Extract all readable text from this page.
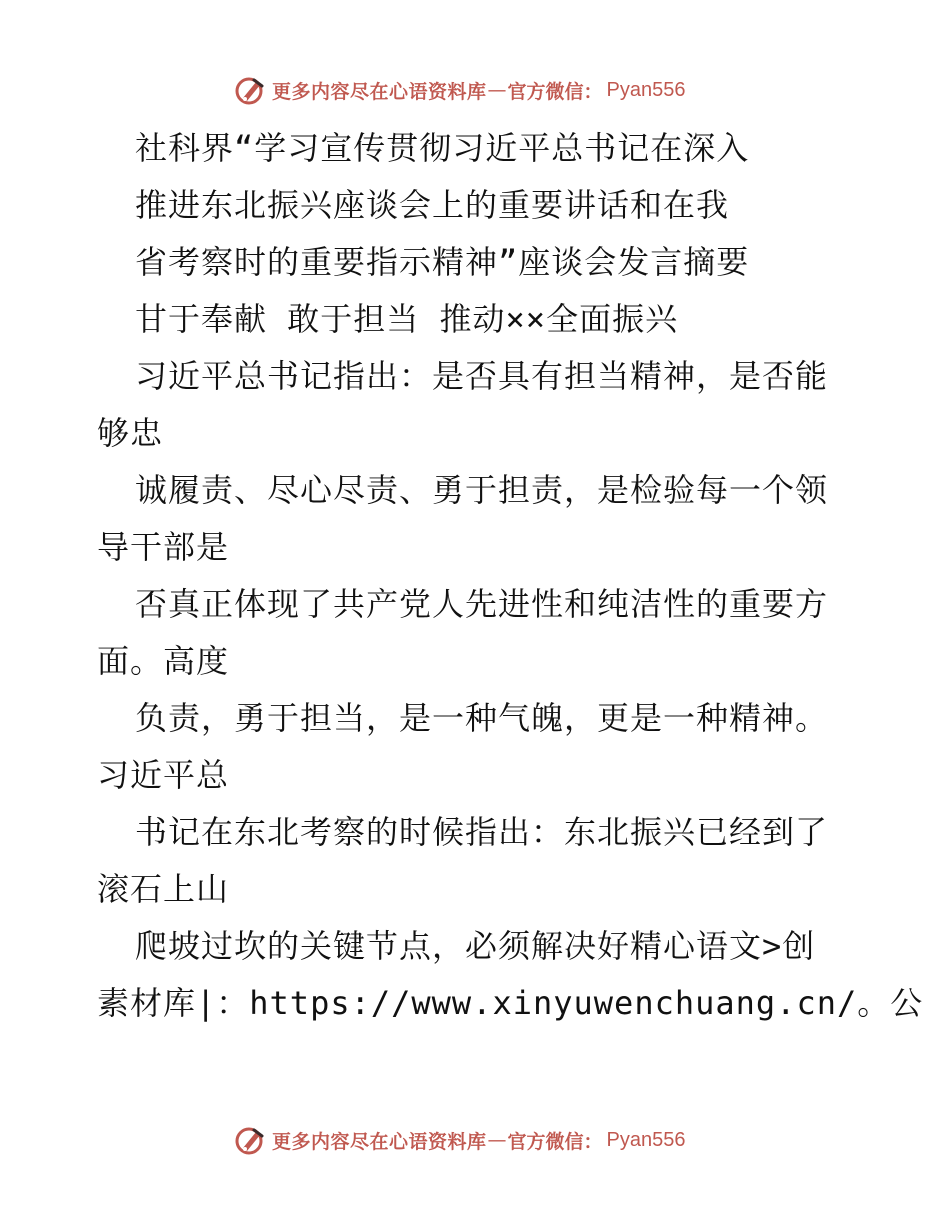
更多内容尽在心语资料库 — 官方微信： Pyan556
社科界“学习宣传贯彻习近平总书记在深入
推进东北振兴座谈会上的重要讲话和在我
省考察时的重要指示精神”座谈会发言摘要
甘于奉献 敢于担当 推动××全面振兴
习近平总书记指出：是否具有担当精神，是否能
够忠
诚履责、尽心尽责、勇于担责，是检验每一个领
导干部是
否真正体现了共产党人先进性和纯洁性的重要方
面。高度
负责，勇于担当，是一种气魄，更是一种精神。
习近平总
书记在东北考察的时候指出：东北振兴已经到了
滚石上山
爬坡过坎的关键节点，必须解决好精心语文>创
素材库|：https://www.xinyuwenchuang.cn/。公
更多内容尽在心语资料库 — 官方微信： Pyan556
